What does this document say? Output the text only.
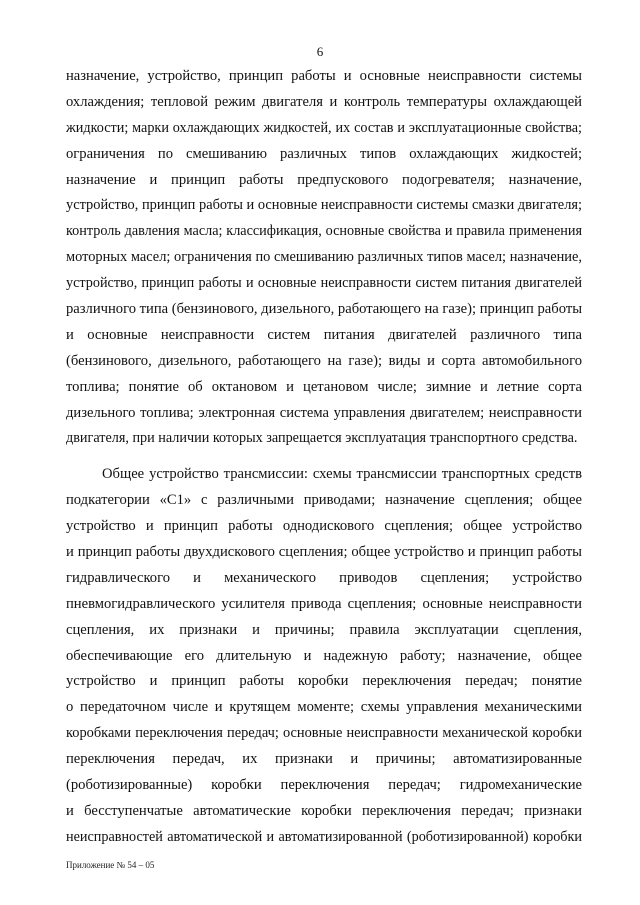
6
назначение, устройство, принцип работы и основные неисправности системы
охлаждения; тепловой режим двигателя и контроль температуры охлаждающей
жидкости; марки охлаждающих жидкостей, их состав и эксплуатационные свойства;
ограничения по смешиванию различных типов охлаждающих жидкостей;
назначение и принцип работы предпускового подогревателя; назначение,
устройство, принцип работы и основные неисправности системы смазки двигателя;
контроль давления масла; классификация, основные свойства и правила применения
моторных масел; ограничения по смешиванию различных типов масел; назначение,
устройство, принцип работы и основные неисправности систем питания двигателей
различного типа (бензинового, дизельного, работающего на газе); принцип работы
и основные неисправности систем питания двигателей различного типа
(бензинового, дизельного, работающего на газе); виды и сорта автомобильного
топлива; понятие об октановом и цетановом числе; зимние и летние сорта
дизельного топлива; электронная система управления двигателем; неисправности
двигателя, при наличии которых запрещается эксплуатация транспортного средства.
Общее устройство трансмиссии: схемы трансмиссии транспортных средств
подкатегории «C1» с различными приводами; назначение сцепления; общее
устройство и принцип работы однодискового сцепления; общее устройство
и принцип работы двухдискового сцепления; общее устройство и принцип работы
гидравлического и механического приводов сцепления; устройство
пневмогидравлического усилителя привода сцепления; основные неисправности
сцепления, их признаки и причины; правила эксплуатации сцепления,
обеспечивающие его длительную и надежную работу; назначение, общее
устройство и принцип работы коробки переключения передач; понятие
о передаточном числе и крутящем моменте; схемы управления механическими
коробками переключения передач; основные неисправности механической коробки
переключения передач, их признаки и причины; автоматизированные
(роботизированные) коробки переключения передач; гидромеханические
и бесступенчатые автоматические коробки переключения передач; признаки
неисправностей автоматической и автоматизированной (роботизированной) коробки
Приложение № 54 – 05
